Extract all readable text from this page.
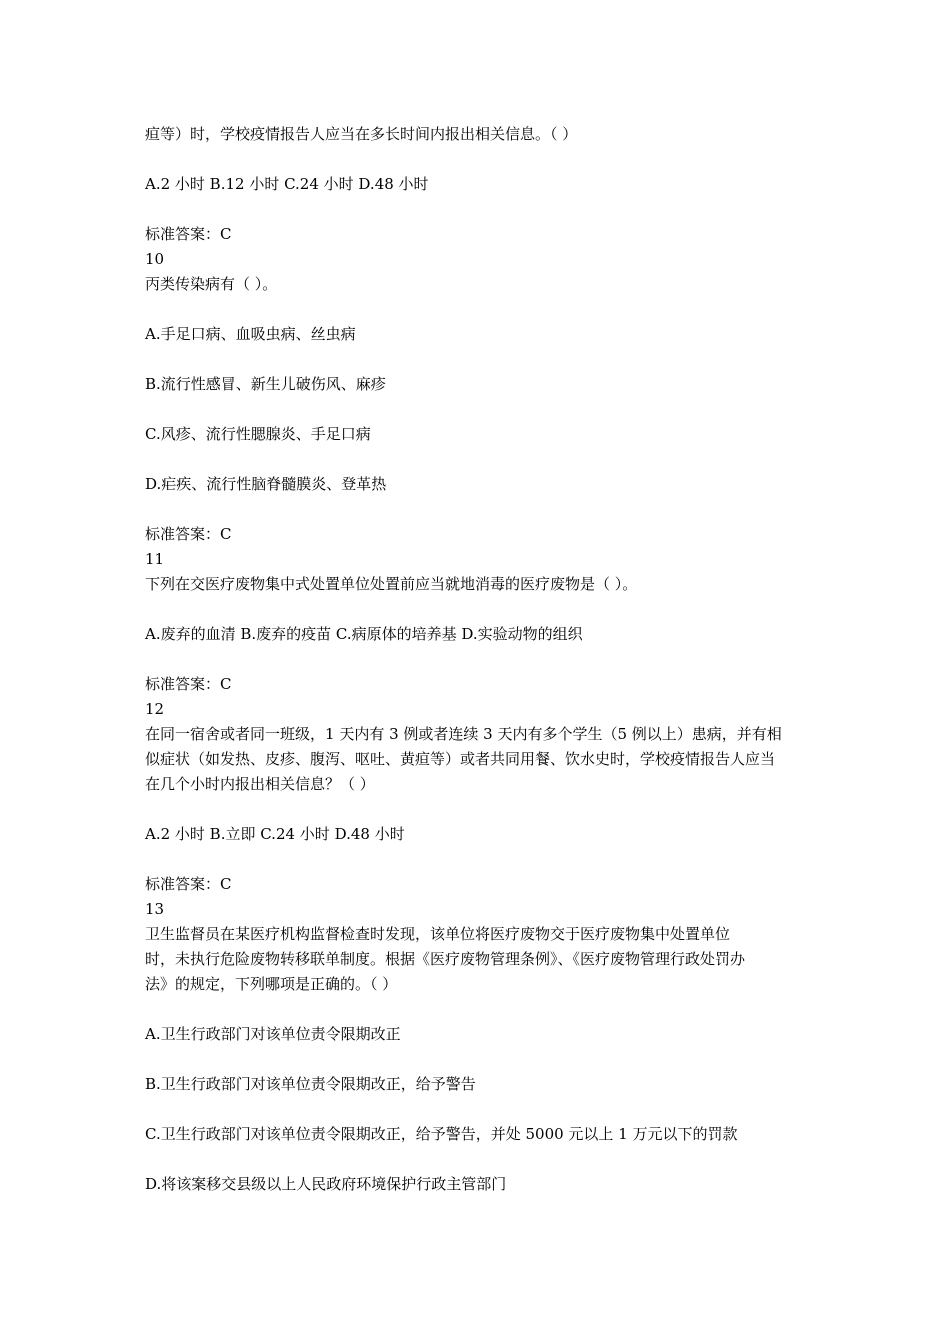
疸等）时，学校疫情报告人应当在多长时间内报出相关信息。（ ）
A.2 小时 B.12 小时 C.24 小时 D.48 小时
标准答案：C
10
丙类传染病有（ ）。
A.手足口病、血吸虫病、丝虫病
B.流行性感冒、新生儿破伤风、麻疹
C.风疹、流行性腮腺炎、手足口病
D.疟疾、流行性脑脊髓膜炎、登革热
标准答案：C
11
下列在交医疗废物集中式处置单位处置前应当就地消毒的医疗废物是（ ）。
A.废弃的血清 B.废弃的疫苗 C.病原体的培养基 D.实验动物的组织
标准答案：C
12
在同一宿舍或者同一班级，1 天内有 3 例或者连续 3 天内有多个学生（5 例以上）患病，并有相
似症状（如发热、皮疹、腹泻、呕吐、黄疸等）或者共同用餐、饮水史时，学校疫情报告人应当
在几个小时内报出相关信息？（ ）
A.2 小时 B.立即 C.24 小时 D.48 小时
标准答案：C
13
卫生监督员在某医疗机构监督检查时发现，该单位将医疗废物交于医疗废物集中处置单位
时，未执行危险废物转移联单制度。根据《医疗废物管理条例》、《医疗废物管理行政处罚办
法》的规定，下列哪项是正确的。（ ）
A.卫生行政部门对该单位责令限期改正
B.卫生行政部门对该单位责令限期改正，给予警告
C.卫生行政部门对该单位责令限期改正，给予警告，并处 5000 元以上 1 万元以下的罚款
D.将该案移交县级以上人民政府环境保护行政主管部门
